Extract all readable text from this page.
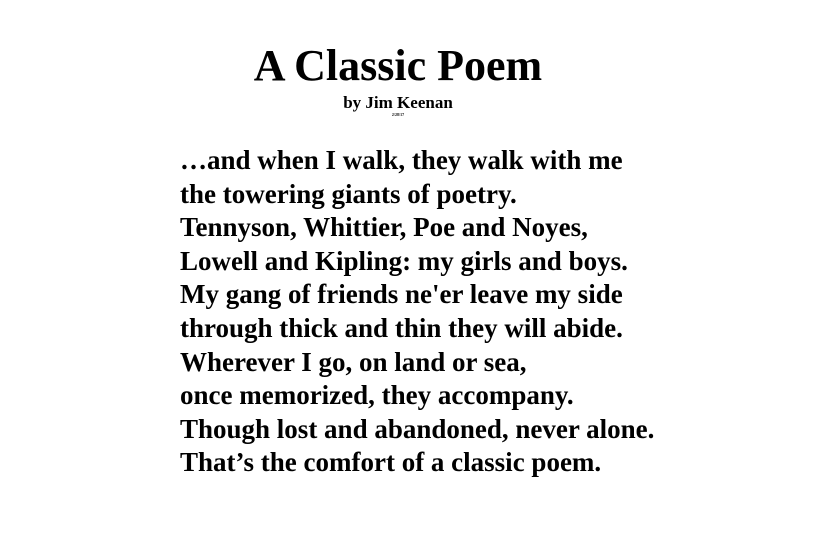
A Classic Poem
by Jim Keenan
2/28/17
…and when I walk, they walk with me
the towering giants of poetry.
Tennyson, Whittier, Poe and Noyes,
Lowell and Kipling: my girls and boys.
My gang of friends ne'er leave my side
through thick and thin they will abide.
Wherever I go, on land or sea,
once memorized, they accompany.
Though lost and abandoned, never alone.
That’s the comfort of a classic poem.
